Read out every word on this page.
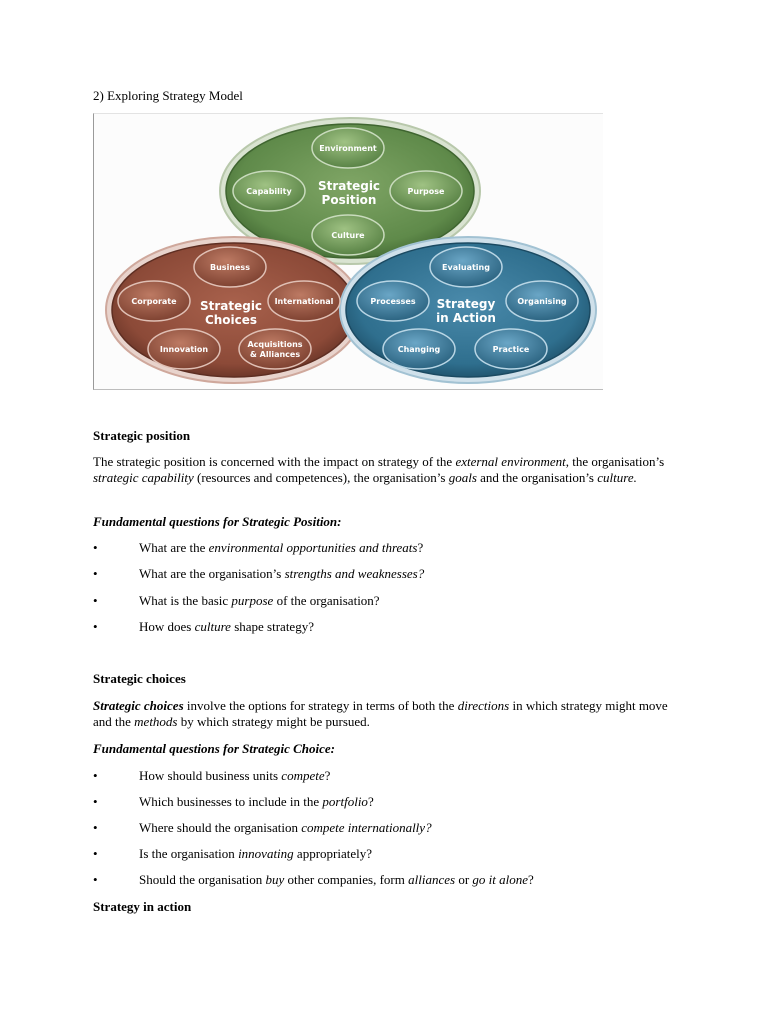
2) Exploring Strategy Model
Strategic
Position
Strategic
Choices
Strategy
in Action
Environment
Capability	Purpose
Culture
Business
Corporate	International
Innovation
Acquisitions
& Alliances
Evaluating
Processes	Organising
Changing	Practice
Strategic position
The strategic position is concerned with the impact on strategy of the external environment, the organisation’s strategic capability (resources and competences), the organisation’s goals and the organisation’s culture.
Fundamental questions for Strategic Position:
•	What are the environmental opportunities and threats?
•	What are the organisation’s strengths and weaknesses?
•	What is the basic purpose of the organisation?
•	How does culture shape strategy?
Strategic choices
Strategic choices involve the options for strategy in terms of both the directions in which strategy might move and the methods by which strategy might be pursued.
Fundamental questions for Strategic Choice:
•	How should business units compete?
•	Which businesses to include in the portfolio?
•	Where should the organisation compete internationally?
•	Is the organisation innovating appropriately?
•	Should the organisation buy other companies, form alliances or go it alone?
Strategy in action
